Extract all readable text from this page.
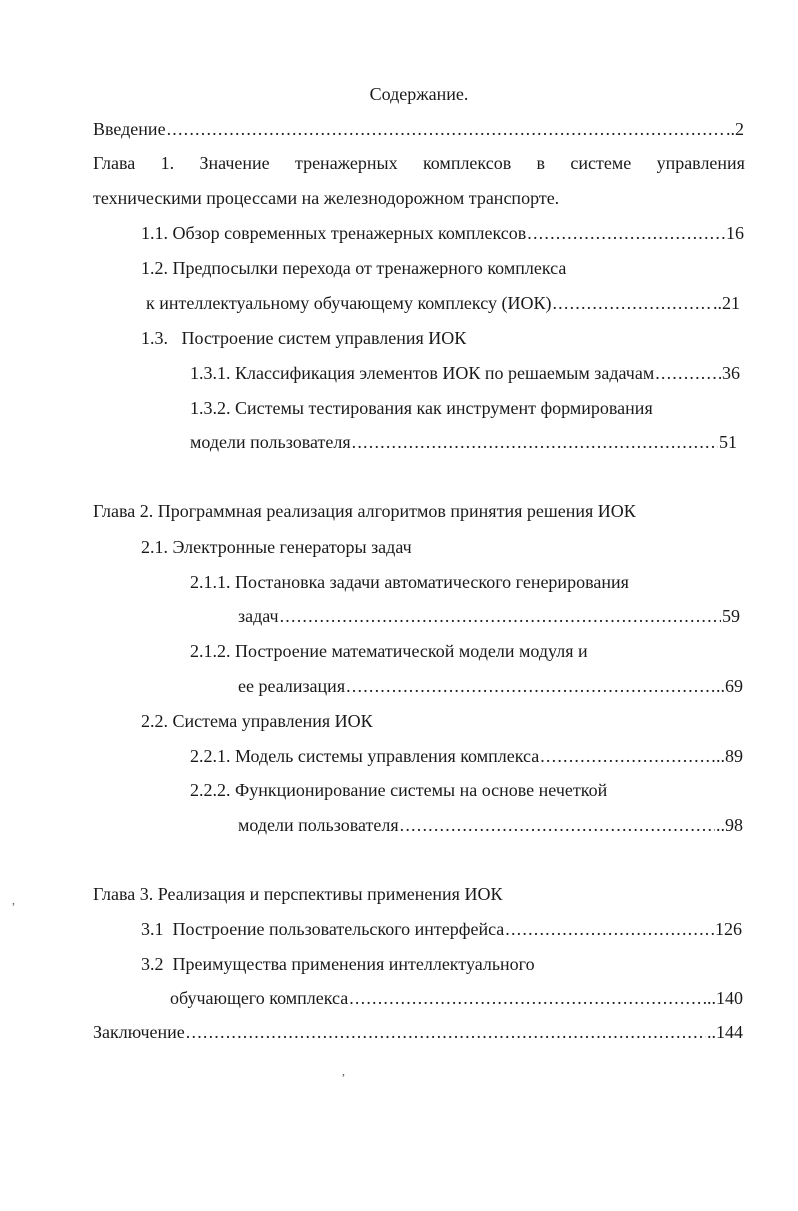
Содержание.
Введение .....	..2
Глава 1. Значение тренажерных комплексов в системе управления
техническими процессами на железнодорожном транспорте.
1.1. Обзор современных тренажерных комплексов .....	16
1.2. Предпосылки перехода от тренажерного комплекса
к интеллектуальному обучающему комплексу (ИОК) .....	..21
1.3.   Построение систем управления ИОК
1.3.1. Классификация элементов ИОК по решаемым задачам .....	36
1.3.2. Системы тестирования как инструмент формирования
модели пользователя .....	51
Глава 2. Программная реализация алгоритмов принятия решения ИОК
2.1. Электронные генераторы задач
2.1.1. Постановка задачи автоматического генерирования
задач .....	59
2.1.2. Построение математической модели модуля и
ее реализация .....	..69
2.2. Система управления ИОК
2.2.1. Модель системы управления комплекса .....	..89
2.2.2. Функционирование системы на основе нечеткой
модели пользователя .....	..98
Глава 3. Реализация и перспективы применения ИОК
3.1  Построение пользовательского интерфейса .....	126
3.2  Преимущества применения интеллектуального
обучающего комплекса .....	..140
Заключение .....	..144
,
,
